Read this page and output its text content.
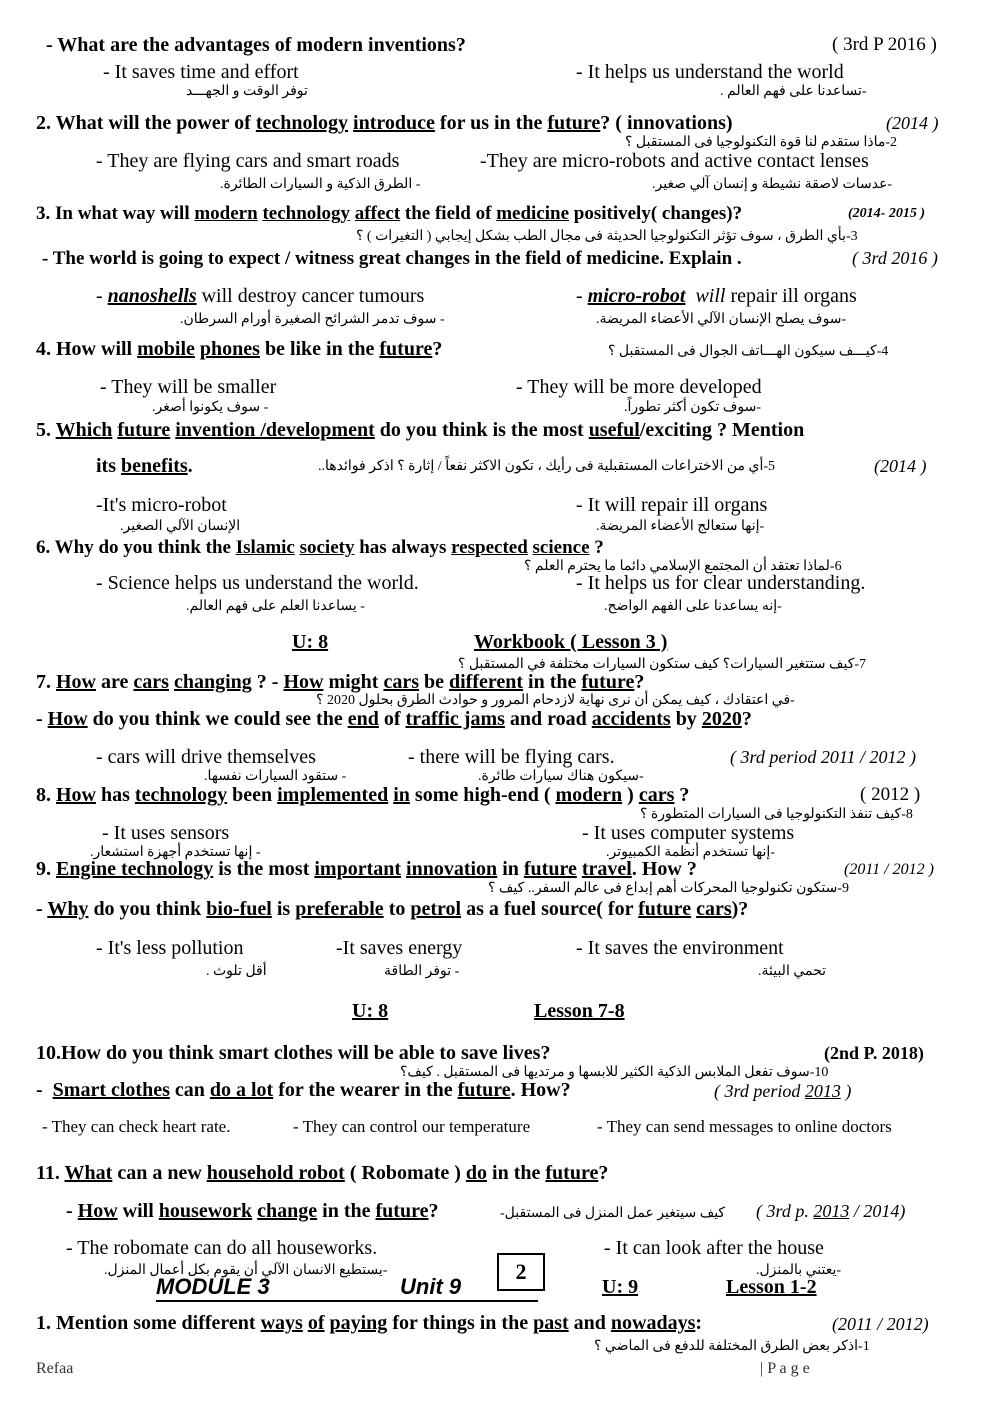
- What are the advantages of modern inventions?	( 3rd P 2016 )
- It saves time and effort	- It helps us understand the world
توفر الوقت و الجهـــد	-تساعدنا على فهم العالم .
2. What will the power of technology introduce for us in the future? ( innovations)	(2014 )
2-ماذا ستقدم لنا قوة التكنولوجيا فى المستقبل ؟
- They are flying cars and smart roads	-They are micro-robots and active contact lenses
- الطرق الذكية و السيارات الطائرة.	-عدسات لاصقة نشيطة و إنسان آلي صغير.
3. In what way will modern technology affect the field of medicine positively( changes)?	(2014- 2015 )
3-بأي الطرق ، سوف تؤثر التكنولوجيا الحديثة فى مجال الطب بشكل إيجابي ( التغيرات ) ؟
- The world is going to expect / witness great changes in the field of medicine. Explain .	( 3rd 2016 )
- nanoshells will destroy cancer tumours	- micro-robot will repair ill organs
- سوف تدمر الشرائح الصغيرة أورام السرطان.	-سوف يصلح الإنسان الآلي الأعضاء المريضة.
4. How will mobile phones be like in the future?	4-كيـــف سيكون الهـــاتف الجوال فى المستقبل ؟
- They will be smaller	- They will be more developed
- سوف يكونوا أصغر.	-سوف تكون أكثر تطوراً.
5. Which future invention /development do you think is the most useful/exciting ? Mention
its benefits.	5-أي من الاختراعات المستقبلية فى رأيك ، تكون الاكثر نفعاً / إثارة ؟ اذكر فوائدها..	(2014 )
-It's micro-robot	- It will repair ill organs
الإنسان الآلي الصغير.	-إنها ستعالج الأعضاء المريضة.
6. Why do you think the Islamic society has always respected science ?
6-لماذا تعتقد أن المجتمع الإسلامي دائما ما يحترم العلم ؟
- Science helps us understand the world.	- It helps us for clear understanding.
- يساعدنا العلم على فهم العالم.	-إنه يساعدنا على الفهم الواضح.
U: 8	Workbook ( Lesson 3 )
7-كيف ستتغير السيارات؟ كيف ستكون السيارات مختلفة في المستقبل ؟
7. How are cars changing ? - How might cars be different in the future?
-في اعتقادك ، كيف يمكن أن نرى نهاية لازدحام المرور و حوادث الطرق بحلول 2020 ؟
- How do you think we could see the end of traffic jams and road accidents by 2020?
- cars will drive themselves	- there will be flying cars.	( 3rd period 2011 / 2012 )
- ستقود السيارات نفسها.	-سيكون هناك سيارات طائرة.
8. How has technology been implemented in some high-end ( modern ) cars ?	( 2012 )
8-كيف تنفذ التكنولوجيا فى السيارات المتطورة ؟
- It uses sensors	- It uses computer systems
- إنها تستخدم أجهزة استشعار.	-إنها تستخدم أنظمة الكمبيوتر.
9. Engine technology is the most important innovation in future travel. How ?	(2011 / 2012 )
9-ستكون تكنولوجيا المحركات أهم إبداع فى عالم السفر.. كيف ؟
- Why do you think bio-fuel is preferable to petrol as a fuel source( for future cars)?
- It's less pollution	-It saves energy	- It saves the environment
أقل تلوث .	- توفر الطاقة	تحمي البيئة.
U: 8	Lesson 7-8
10.How do you think smart clothes will be able to save lives?	(2nd P. 2018)
10-سوف تفعل الملابس الذكية الكثير للابسها و مرتديها فى المستقبل . كيف؟
- Smart clothes can do a lot for the wearer in the future. How?	( 3rd period 2013 )
- They can check heart rate.	- They can control our temperature	- They can send messages to online doctors
11. What can a new household robot ( Robomate ) do in the future?
- How will housework change in the future?	كيف سيتغير عمل المنزل فى المستقبل- ( 3rd p. 2013 / 2014)
- The robomate can do all houseworks.	- It can look after the house
-يستطيع الانسان الآلي أن يقوم بكل أعمال المنزل.	-يعتني بالمنزل.
2
MODULE 3	Unit 9	U: 9	Lesson 1-2
1. Mention some different ways of paying for things in the past and nowadays:	(2011 / 2012)
1-اذكر بعض الطرق المختلفة للدفع فى الماضي ؟
Refaa	| P a g e
